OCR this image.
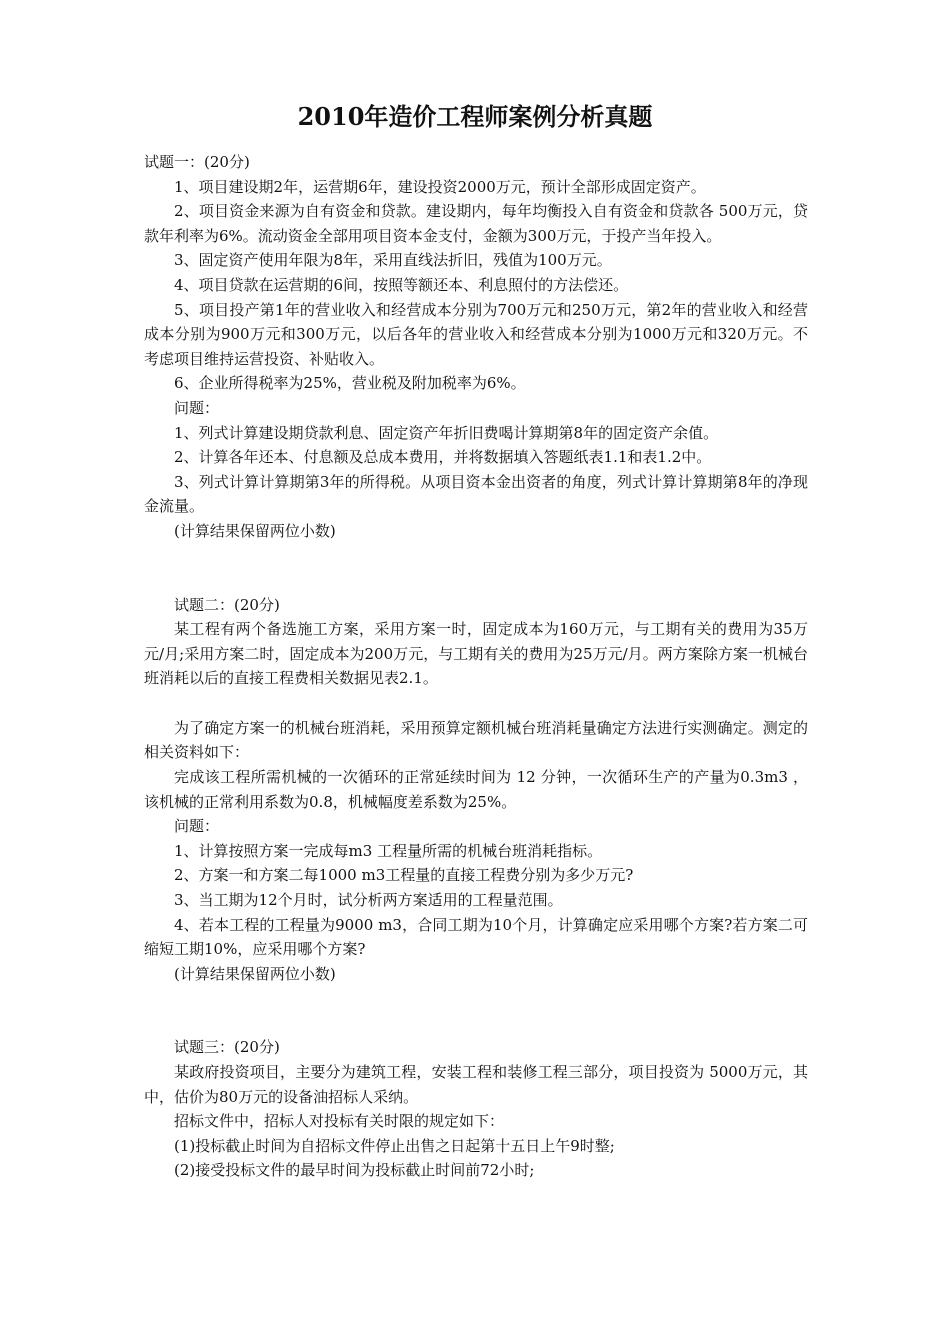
2010年造价工程师案例分析真题

试题一：(20分)

1、项目建设期2年，运营期6年，建设投资2000万元，预计全部形成固定资产。

2、项目资金来源为自有资金和贷款。建设期内，每年均衡投入自有资金和贷款各 500万元，贷款年利率为6%。流动资金全部用项目资本金支付，金额为300万元，于投产当年投入。

3、固定资产使用年限为8年，采用直线法折旧，残值为100万元。

4、项目贷款在运营期的6间，按照等额还本、利息照付的方法偿还。

5、项目投产第1年的营业收入和经营成本分别为700万元和250万元，第2年的营业收入和经营成本分别为900万元和300万元，以后各年的营业收入和经营成本分别为1000万元和320万元。不考虑项目维持运营投资、补贴收入。

6、企业所得税率为25%，营业税及附加税率为6%。

问题：

1、列式计算建设期贷款利息、固定资产年折旧费喝计算期第8年的固定资产余值。

2、计算各年还本、付息额及总成本费用，并将数据填入答题纸表1.1和表1.2中。

3、列式计算计算期第3年的所得税。从项目资本金出资者的角度，列式计算计算期第8年的净现金流量。

(计算结果保留两位小数)

试题二：(20分)

某工程有两个备选施工方案，采用方案一时，固定成本为160万元，与工期有关的费用为35万元/月;采用方案二时，固定成本为200万元，与工期有关的费用为25万元/月。两方案除方案一机械台班消耗以后的直接工程费相关数据见表2.1。

为了确定方案一的机械台班消耗，采用预算定额机械台班消耗量确定方法进行实测确定。测定的相关资料如下：

完成该工程所需机械的一次循环的正常延续时间为 12 分钟，一次循环生产的产量为0.3m3 ，该机械的正常利用系数为0.8，机械幅度差系数为25%。

问题：

1、计算按照方案一完成每m3 工程量所需的机械台班消耗指标。

2、方案一和方案二每1000 m3工程量的直接工程费分别为多少万元?

3、当工期为12个月时，试分析两方案适用的工程量范围。

4、若本工程的工程量为9000 m3，合同工期为10个月，计算确定应采用哪个方案?若方案二可缩短工期10%，应采用哪个方案?

(计算结果保留两位小数)

试题三：(20分)

某政府投资项目，主要分为建筑工程，安装工程和装修工程三部分，项目投资为 5000万元，其中，估价为80万元的设备油招标人采纳。

招标文件中，招标人对投标有关时限的规定如下：

(1)投标截止时间为自招标文件停止出售之日起第十五日上午9时整;

(2)接受投标文件的最早时间为投标截止时间前72小时;
